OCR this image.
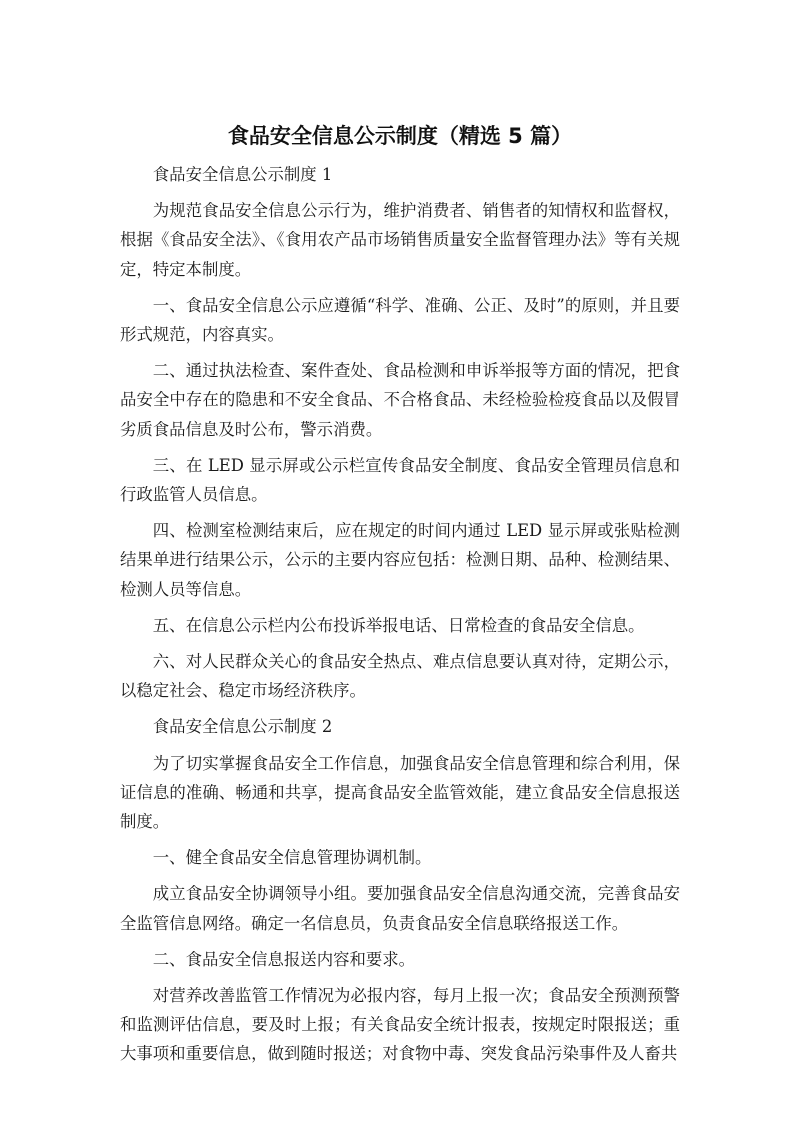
食品安全信息公示制度（精选 5 篇）

食品安全信息公示制度 1

为规范食品安全信息公示行为，维护消费者、销售者的知情权和监督权，根据《食品安全法》、《食用农产品市场销售质量安全监督管理办法》等有关规定，特定本制度。

一、食品安全信息公示应遵循“科学、准确、公正、及时”的原则，并且要形式规范，内容真实。

二、通过执法检查、案件查处、食品检测和申诉举报等方面的情况，把食品安全中存在的隐患和不安全食品、不合格食品、未经检验检疫食品以及假冒劣质食品信息及时公布，警示消费。

三、在 LED 显示屏或公示栏宣传食品安全制度、食品安全管理员信息和行政监管人员信息。

四、检测室检测结束后，应在规定的时间内通过 LED 显示屏或张贴检测结果单进行结果公示，公示的主要内容应包括：检测日期、品种、检测结果、检测人员等信息。

五、在信息公示栏内公布投诉举报电话、日常检查的食品安全信息。

六、对人民群众关心的食品安全热点、难点信息要认真对待，定期公示，以稳定社会、稳定市场经济秩序。

食品安全信息公示制度 2

为了切实掌握食品安全工作信息，加强食品安全信息管理和综合利用，保证信息的准确、畅通和共享，提高食品安全监管效能，建立食品安全信息报送制度。

一、健全食品安全信息管理协调机制。

成立食品安全协调领导小组。要加强食品安全信息沟通交流，完善食品安全监管信息网络。确定一名信息员，负责食品安全信息联络报送工作。

二、食品安全信息报送内容和要求。

对营养改善监管工作情况为必报内容，每月上报一次；食品安全预测预警和监测评估信息，要及时上报；有关食品安全统计报表，按规定时限报送；重大事项和重要信息，做到随时报送；对食物中毒、突发食品污染事件及人畜共
